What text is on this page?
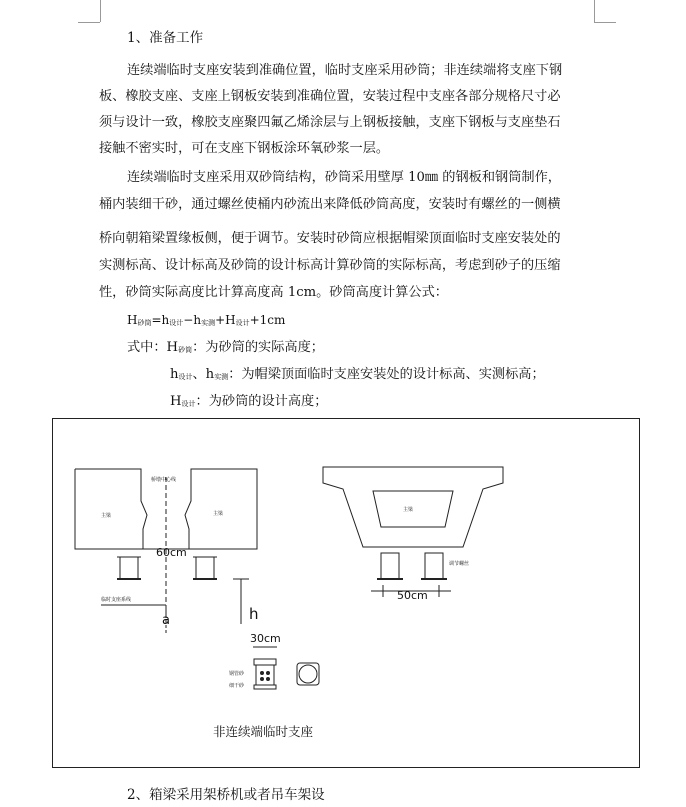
1、准备工作
连续端临时支座安装到准确位置，临时支座采用砂筒；非连续端将支座下钢
板、橡胶支座、支座上钢板安装到准确位置，安装过程中支座各部分规格尺寸必
须与设计一致，橡胶支座聚四氟乙烯涂层与上钢板接触，支座下钢板与支座垫石
接触不密实时，可在支座下钢板涂环氧砂浆一层。
连续端临时支座采用双砂筒结构，砂筒采用壁厚 10㎜ 的钢板和钢筒制作，
桶内装细干砂，通过螺丝使桶内砂流出来降低砂筒高度，安装时有螺丝的一侧横
桥向朝箱梁置缘板侧，便于调节。安装时砂筒应根据帽梁顶面临时支座安装处的
实测标高、设计标高及砂筒的设计标高计算砂筒的实际标高，考虑到砂子的压缩
性，砂筒实际高度比计算高度高 1cm。砂筒高度计算公式：
$H_{砂筒}=h_{设计}-h_{实测}+H_{设计}+1cm$
式中：$H_{砂筒}$：为砂筒的实际高度；
$h_{设计}$、$h_{实测}$：为帽梁顶面临时支座安装处的设计标高、实测标高；
$H_{设计}$：为砂筒的设计高度；
桥墩中心线
主梁	主梁
主梁
60cm
临时支座系线
a	h
调节螺丝
50cm
30cm
钢管砂
细干砂
非连续端临时支座
2、箱梁采用架桥机或者吊车架设
